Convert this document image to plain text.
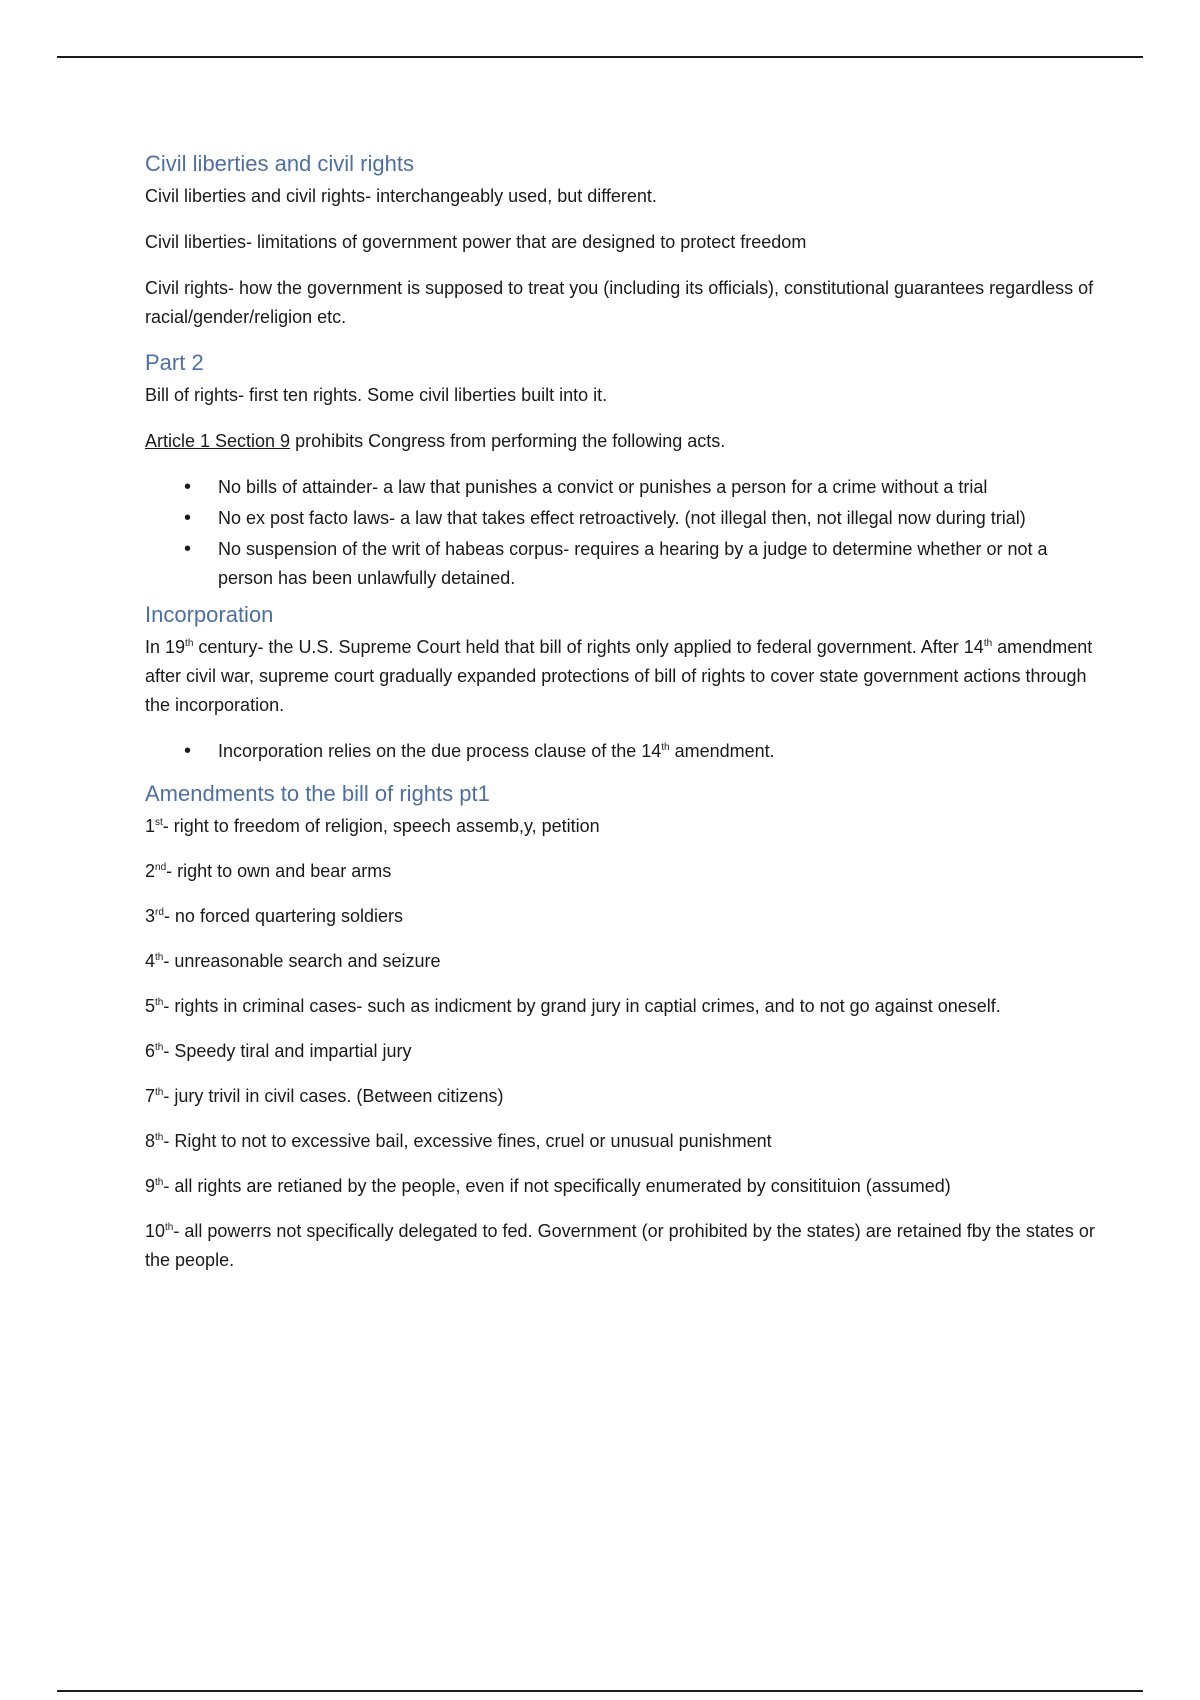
Civil liberties and civil rights

Civil liberties and civil rights- interchangeably used, but different.

Civil liberties- limitations of government power that are designed to protect freedom

Civil rights- how the government is supposed to treat you (including its officials), constitutional guarantees regardless of racial/gender/religion etc.

Part 2

Bill of rights- first ten rights. Some civil liberties built into it.

Article 1 Section 9 prohibits Congress from performing the following acts.

• No bills of attainder- a law that punishes a convict or punishes a person for a crime without a trial
• No ex post facto laws- a law that takes effect retroactively. (not illegal then, not illegal now during trial)
• No suspension of the writ of habeas corpus- requires a hearing by a judge to determine whether or not a person has been unlawfully detained.
Incorporation

In 19th century- the U.S. Supreme Court held that bill of rights only applied to federal government. After 14th amendment after civil war, supreme court gradually expanded protections of bill of rights to cover state government actions through the incorporation.

• Incorporation relies on the due process clause of the 14th amendment.
Amendments to the bill of rights pt1

1st- right to freedom of religion, speech assemb,y, petition

2nd- right to own and bear arms

3rd- no forced quartering soldiers

4th- unreasonable search and seizure

5th- rights in criminal cases- such as indicment by grand jury in captial crimes, and to not go against oneself.

6th- Speedy tiral and impartial jury

7th- jury trivil in civil cases. (Between citizens)

8th- Right to not to excessive bail, excessive fines, cruel or unusual punishment

9th- all rights are retianed by the people, even if not specifically enumerated by consitituion (assumed)

10th- all powerrs not specifically delegated to fed. Government (or prohibited by the states) are retained fby the states or the people.
